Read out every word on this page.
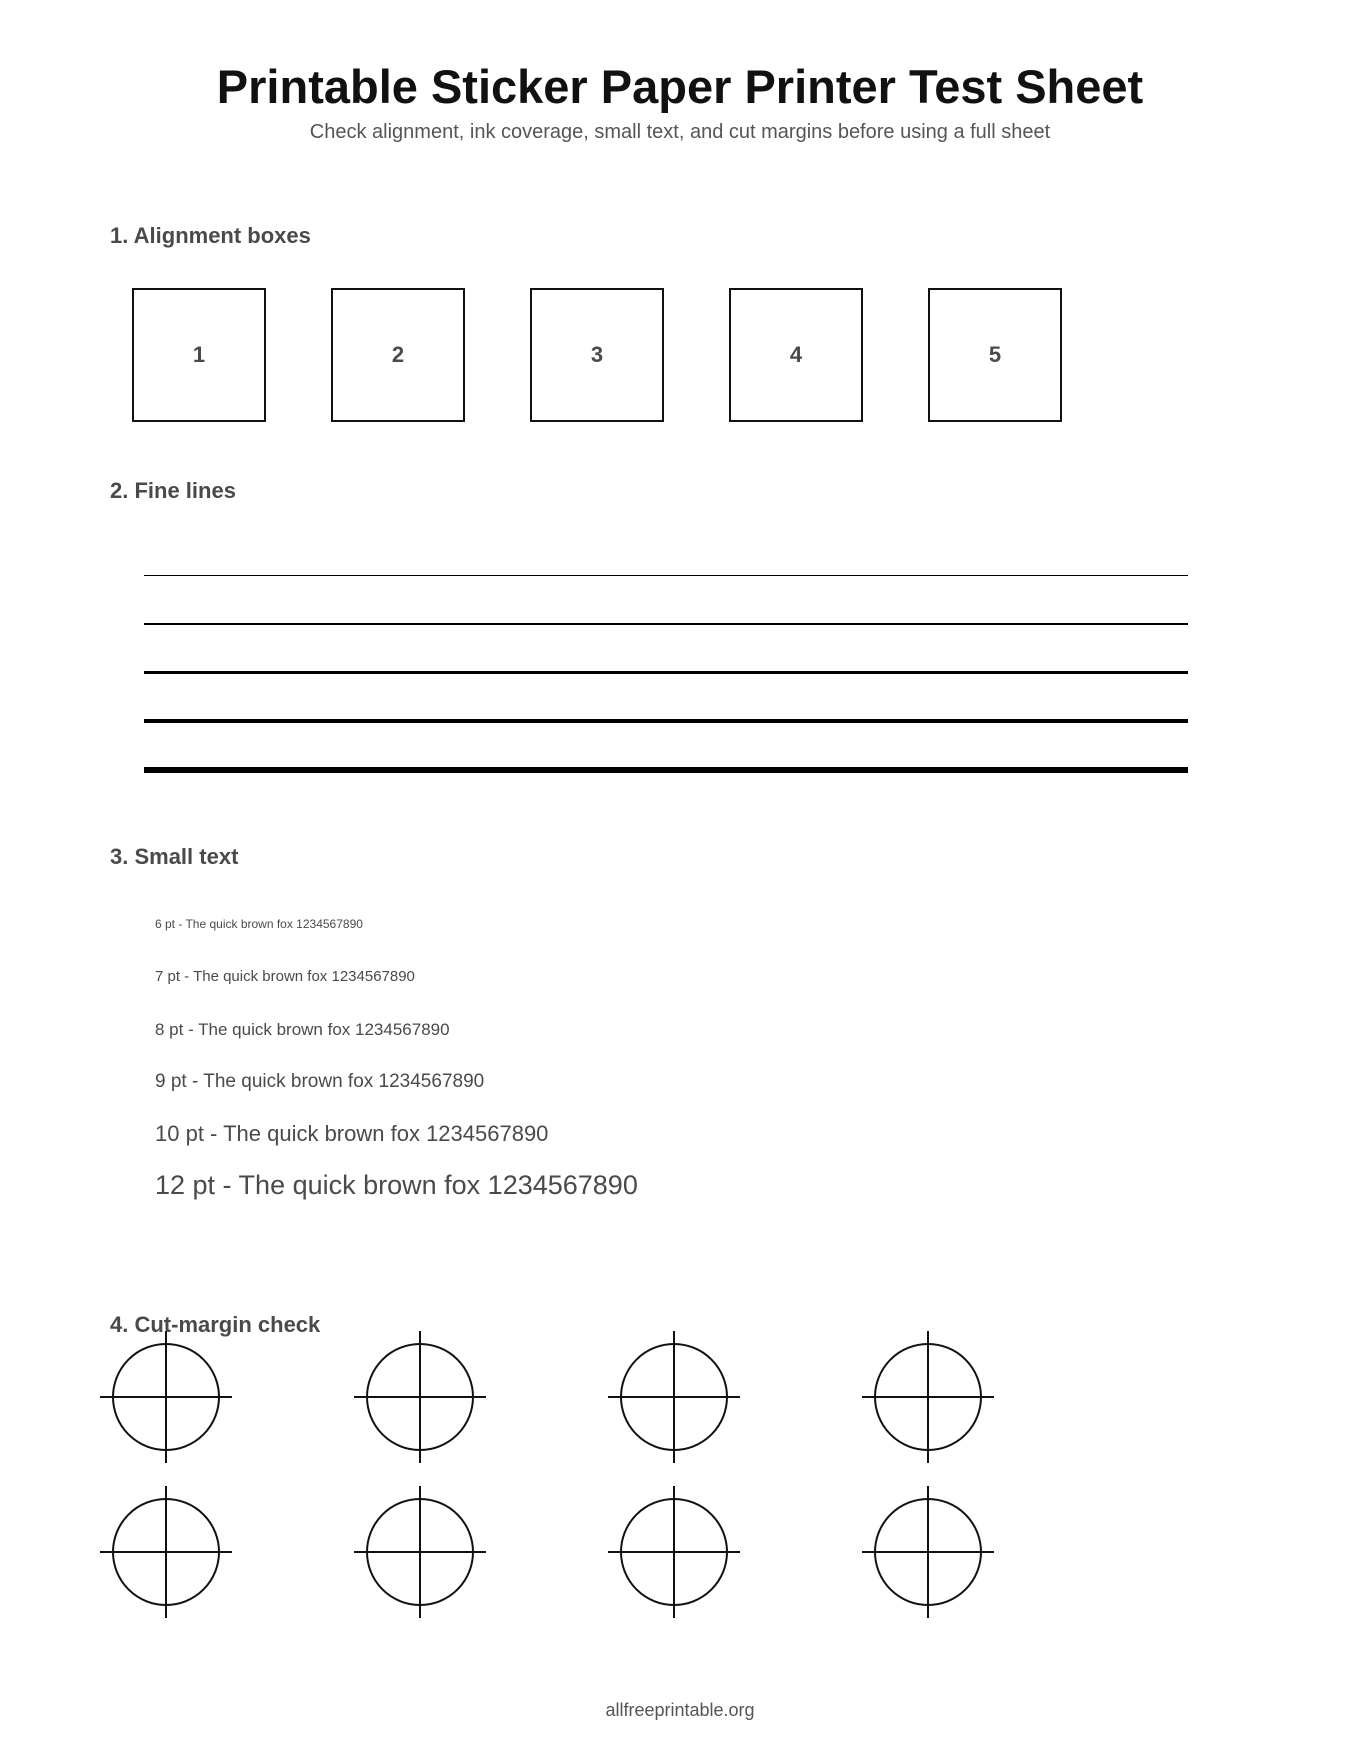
Printable Sticker Paper Printer Test Sheet
Check alignment, ink coverage, small text, and cut margins before using a full sheet
1. Alignment boxes
1	2	3	4	5
2. Fine lines
3. Small text
6 pt - The quick brown fox 1234567890
7 pt - The quick brown fox 1234567890
8 pt - The quick brown fox 1234567890
9 pt - The quick brown fox 1234567890
10 pt - The quick brown fox 1234567890
12 pt - The quick brown fox 1234567890
4. Cut-margin check
allfreeprintable.org
